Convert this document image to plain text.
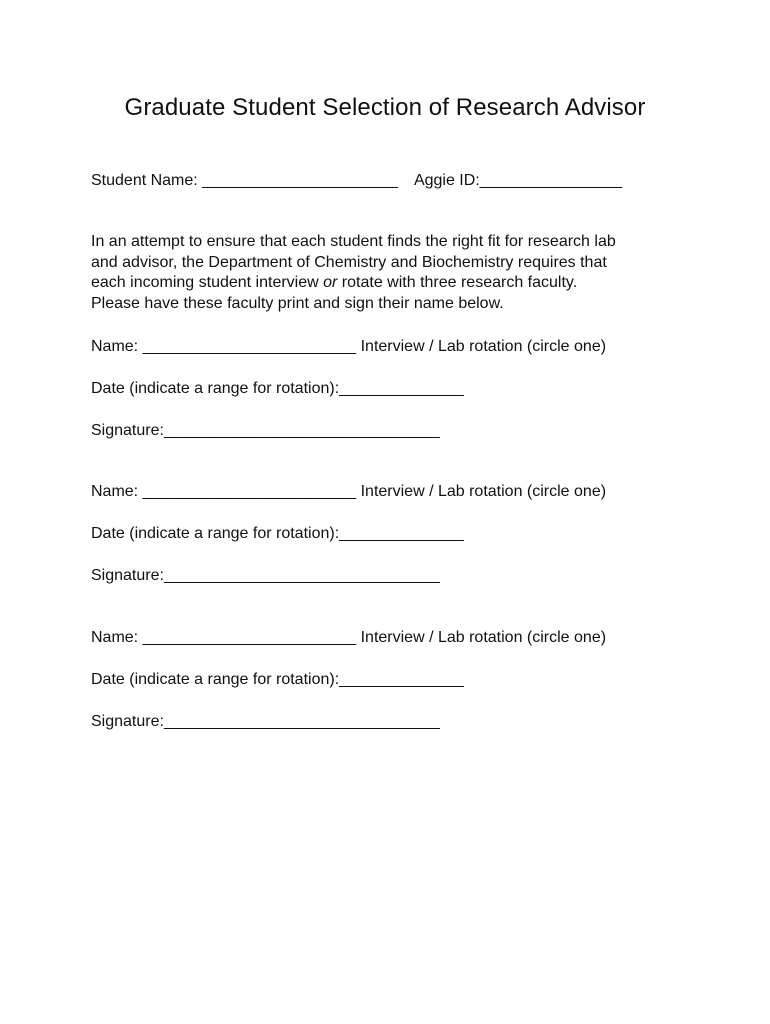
Graduate Student Selection of Research Advisor

Student Name: ______________________ Aggie ID:________________

In an attempt to ensure that each student finds the right fit for research lab
and advisor, the Department of Chemistry and Biochemistry requires that
each incoming student interview or rotate with three research faculty.
Please have these faculty print and sign their name below.

Name: ________________________ Interview / Lab rotation (circle one)

Date (indicate a range for rotation):______________

Signature:_______________________________

Name: ________________________ Interview / Lab rotation (circle one)

Date (indicate a range for rotation):______________

Signature:_______________________________

Name: ________________________ Interview / Lab rotation (circle one)

Date (indicate a range for rotation):______________

Signature:_______________________________
